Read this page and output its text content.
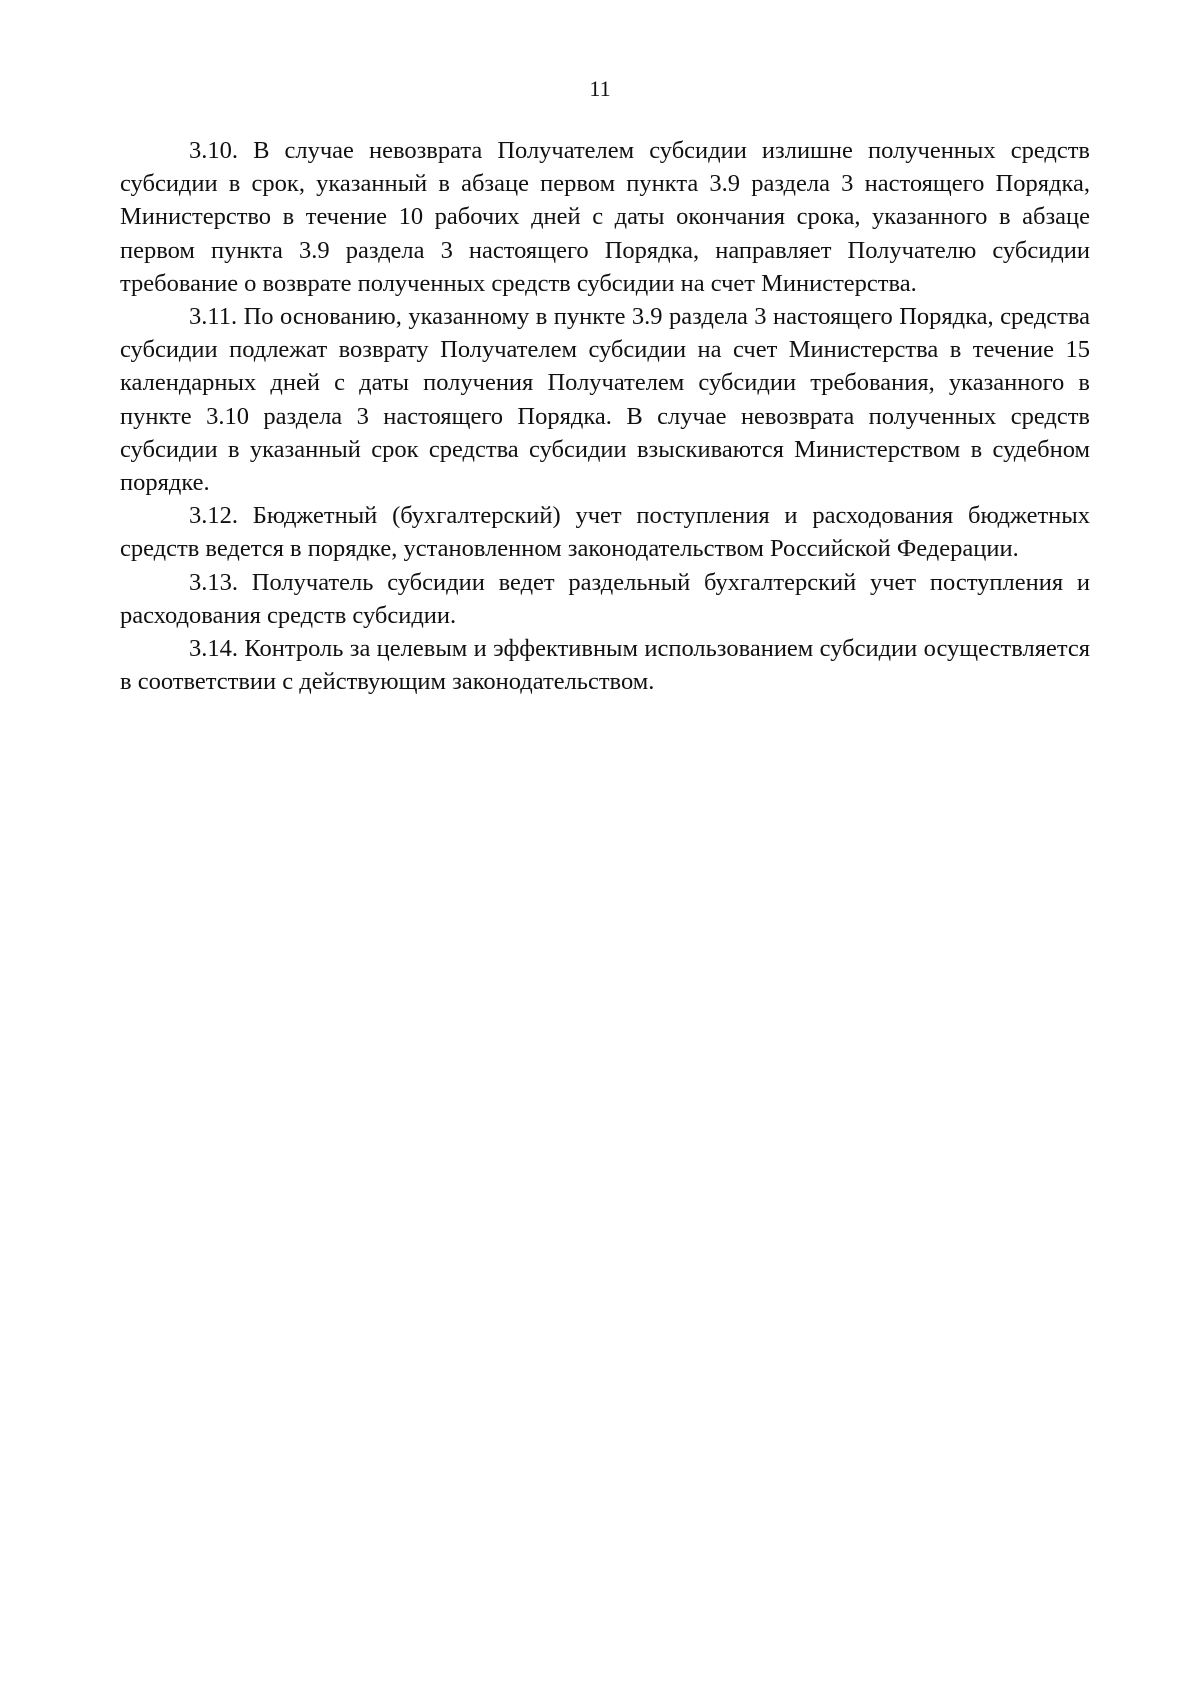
11

3.10. В случае невозврата Получателем субсидии излишне полученных средств субсидии в срок, указанный в абзаце первом пункта 3.9 раздела 3 настоящего Порядка, Министерство в течение 10 рабочих дней с даты окончания срока, указанного в абзаце первом пункта 3.9 раздела 3 настоящего Порядка, направляет Получателю субсидии требование о возврате полученных средств субсидии на счет Министерства.

3.11. По основанию, указанному в пункте 3.9 раздела 3 настоящего Порядка, средства субсидии подлежат возврату Получателем субсидии на счет Министерства в течение 15 календарных дней с даты получения Получателем субсидии требования, указанного в пункте 3.10 раздела 3 настоящего Порядка. В случае невозврата полученных средств субсидии в указанный срок средства субсидии взыскиваются Министерством в судебном порядке.

3.12. Бюджетный (бухгалтерский) учет поступления и расходования бюджетных средств ведется в порядке, установленном законодательством Российской Федерации.

3.13. Получатель субсидии ведет раздельный бухгалтерский учет поступления и расходования средств субсидии.

3.14. Контроль за целевым и эффективным использованием субсидии осуществляется в соответствии с действующим законодательством.
